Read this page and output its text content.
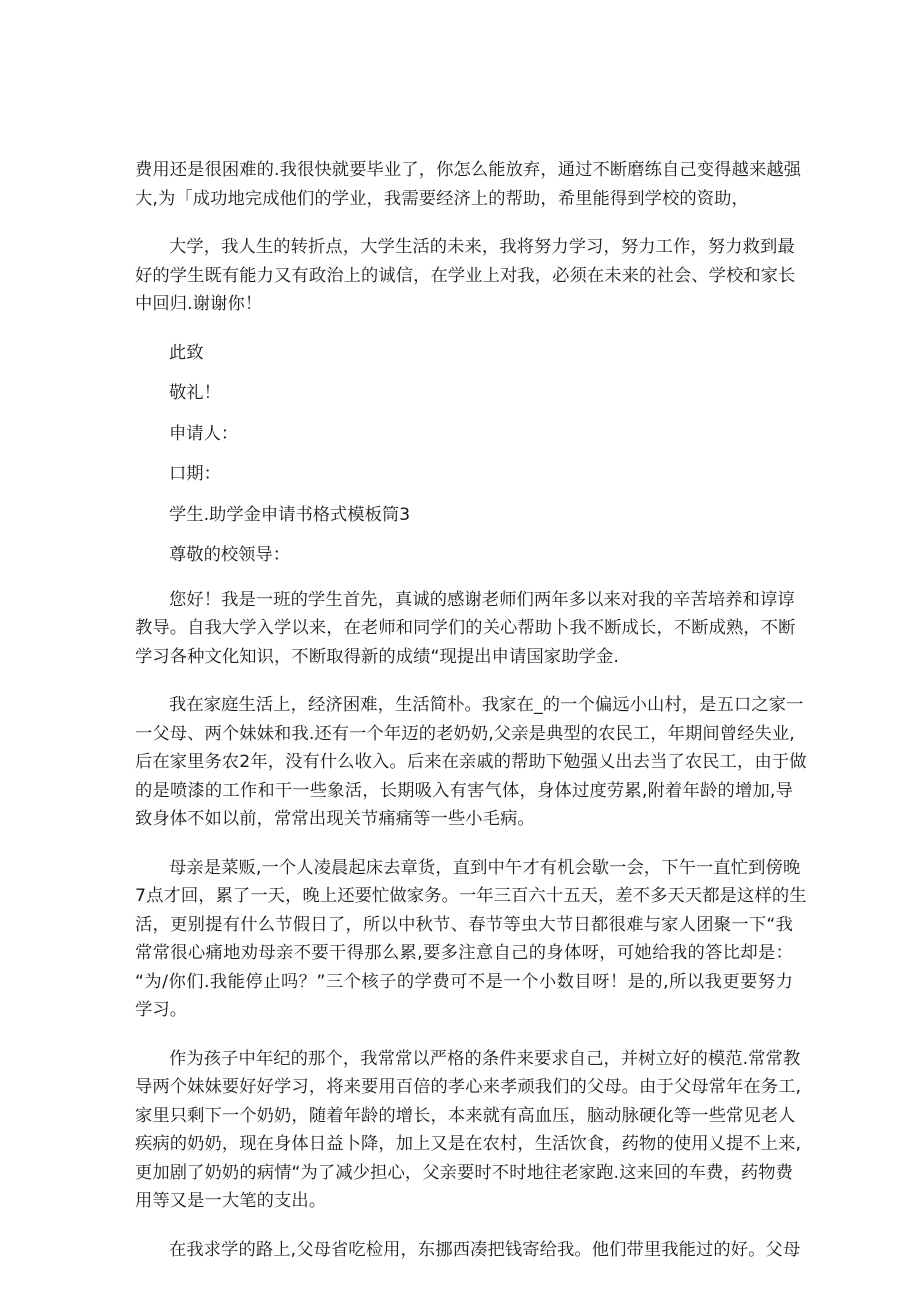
费用还是很困难的.我很快就要毕业了，你怎么能放弃，通过不断磨练自己变得越来越强
大,为「成功地完成他们的学业，我需要经济上的帮助，希里能得到学校的资助，
大学，我人生的转折点，大学生活的未来，我将努力学习，努力工作，努力救到最
好的学生既有能力又有政治上的诚信，在学业上对我，必须在未来的社会、学校和家长
中回归.谢谢你！
此致
敬礼！
申请人：
口期：
学生.助学金申请书格式模板筒3
尊敬的校领导：
您好！我是一班的学生首先，真诚的感谢老师们两年多以来对我的辛苦培养和谆谆
教导。自我大学入学以来，在老师和同学们的关心帮助卜我不断成长，不断成熟，不断
学习各种文化知识，不断取得新的成绩“现提出申请国家助学金.
我在家庭生活上，经济困难，生活简朴。我家在_的一个偏远小山村，是五口之家一
一父母、两个妹妹和我.还有一个年迈的老奶奶,父亲是典型的农民工，年期间曾经失业,
后在家里务农2年，没有什么收入。后来在亲戚的帮助下勉强乂出去当了农民工，由于做
的是喷漆的工作和干一些象活，长期吸入有害气体，身体过度劳累,附着年龄的增加,导
致身体不如以前，常常出现关节痛痛等一些小毛病。
母亲是菜贩,一个人凌晨起床去章货，直到中午才有机会歇一会，下午一直忙到傍晚
7点才回，累了一天，晚上还要忙做家务。一年三百六十五天，差不多天天都是这样的生
活，更别提有什么节假日了，所以中秋节、春节等虫大节日都很难与家人团聚一下“我
常常很心痛地劝母亲不要干得那么累,要多注意自己的身体呀，可她给我的答比却是：
“为/你们.我能停止吗？”三个核子的学费可不是一个小数目呀！是的,所以我更要努力
学习。
作为孩子中年纪的那个，我常常以严格的条件来要求自己，并树立好的模范.常常教
导两个妹妹要好好学习，将来要用百倍的孝心来孝顽我们的父母。由于父母常年在务工,
家里只剩下一个奶奶，随着年龄的增长，本来就有高血压，脑动脉硬化等一些常见老人
疾病的奶奶，现在身体日益卜降，加上又是在农村，生活饮食，药物的使用乂提不上来,
更加剧了奶奶的病情“为了减少担心，父亲要时不时地往老家跑.这来回的车费，药物费
用等又是一大笔的支出。
在我求学的路上,父母省吃检用，东挪西凑把钱寄给我。他们带里我能过的好。父母
